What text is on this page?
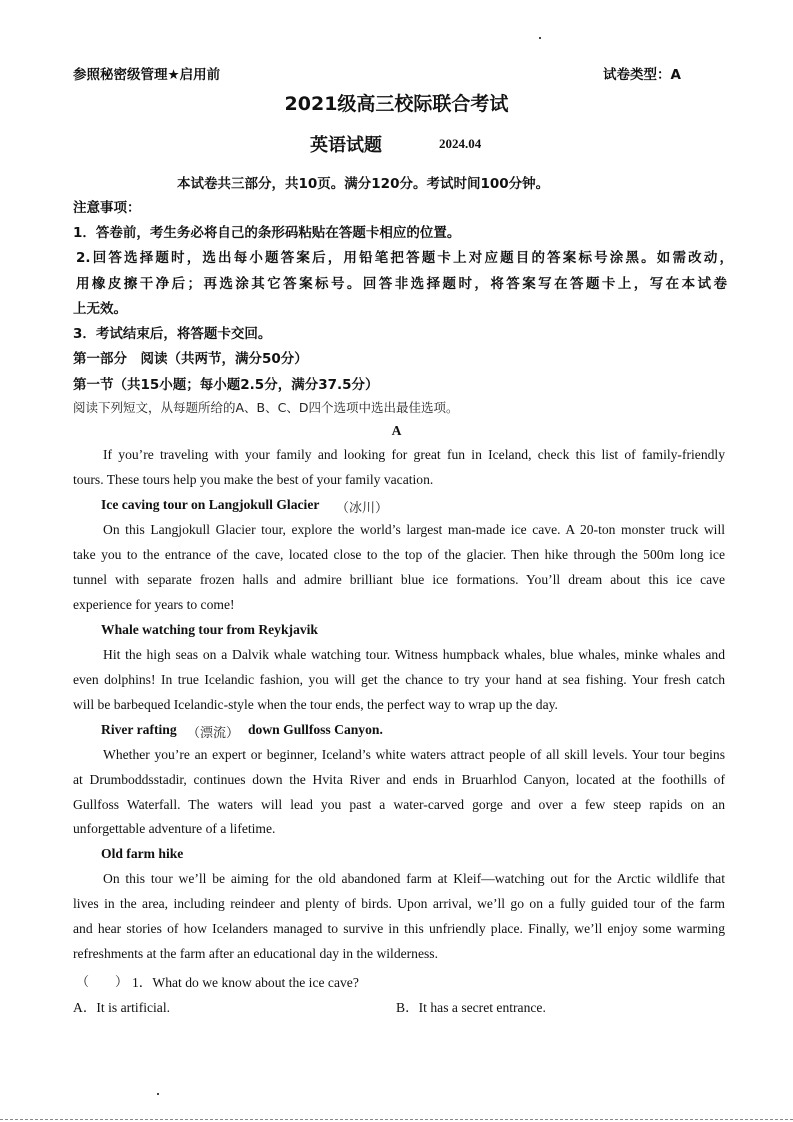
参照秘密级管理★启用前	试卷类型：A
2021级高三校际联合考试
英语试题	2024.04
本试卷共三部分，共10页。满分120分。考试时间100分钟。
注意事项：
1．答卷前，考生务必将自己的条形码粘贴在答题卡相应的位置。
2.回答选择题时，选出每小题答案后，用铅笔把答题卡上对应题目的答案标号涂黑。如需改动，
用橡皮擦干净后；再选涂其它答案标号。回答非选择题时，将答案写在答题卡上，写在本试卷
上无效。
3．考试结束后，将答题卡交回。
第一部分　阅读（共两节，满分50分）
第一节（共15小题；每小题2.5分，满分37.5分）
阅读下列短文，从每题所给的A、B、C、D四个选项中选出最佳选项。
A
If you’re traveling with your family and looking for great fun in Iceland, check this list of family-friendly
tours. These tours help you make the best of your family vacation.
Ice caving tour on Langjokull Glacier （冰川）
On this Langjokull Glacier tour, explore the world’s largest man-made ice cave. A 20-ton monster truck will
take you to the entrance of the cave, located close to the top of the glacier. Then hike through the 500m long ice
tunnel with separate frozen halls and admire brilliant blue ice formations. You’ll dream about this ice cave
experience for years to come!
Whale watching tour from Reykjavik
Hit the high seas on a Dalvik whale watching tour. Witness humpback whales, blue whales, minke whales and
even dolphins! In true Icelandic fashion, you will get the chance to try your hand at sea fishing. Your fresh catch
will be barbequed Icelandic-style when the tour ends, the perfect way to wrap up the day.
River rafting （漂流） down Gullfoss Canyon.
Whether you’re an expert or beginner, Iceland’s white waters attract people of all skill levels. Your tour begins
at Drumboddsstadir, continues down the Hvita River and ends in Bruarhlod Canyon, located at the foothills of
Gullfoss Waterfall. The waters will lead you past a water-carved gorge and over a few steep rapids on an
unforgettable adventure of a lifetime.
Old farm hike
On this tour we’ll be aiming for the old abandoned farm at Kleif—watching out for the Arctic wildlife that
lives in the area, including reindeer and plenty of birds. Upon arrival, we’ll go on a fully guided tour of the farm
and hear stories of how Icelanders managed to survive in this unfriendly place. Finally, we’ll enjoy some warming
refreshments at the farm after an educational day in the wilderness.
（　　） 1．What do we know about the ice cave?
A．It is artificial.	B．It has a secret entrance.
